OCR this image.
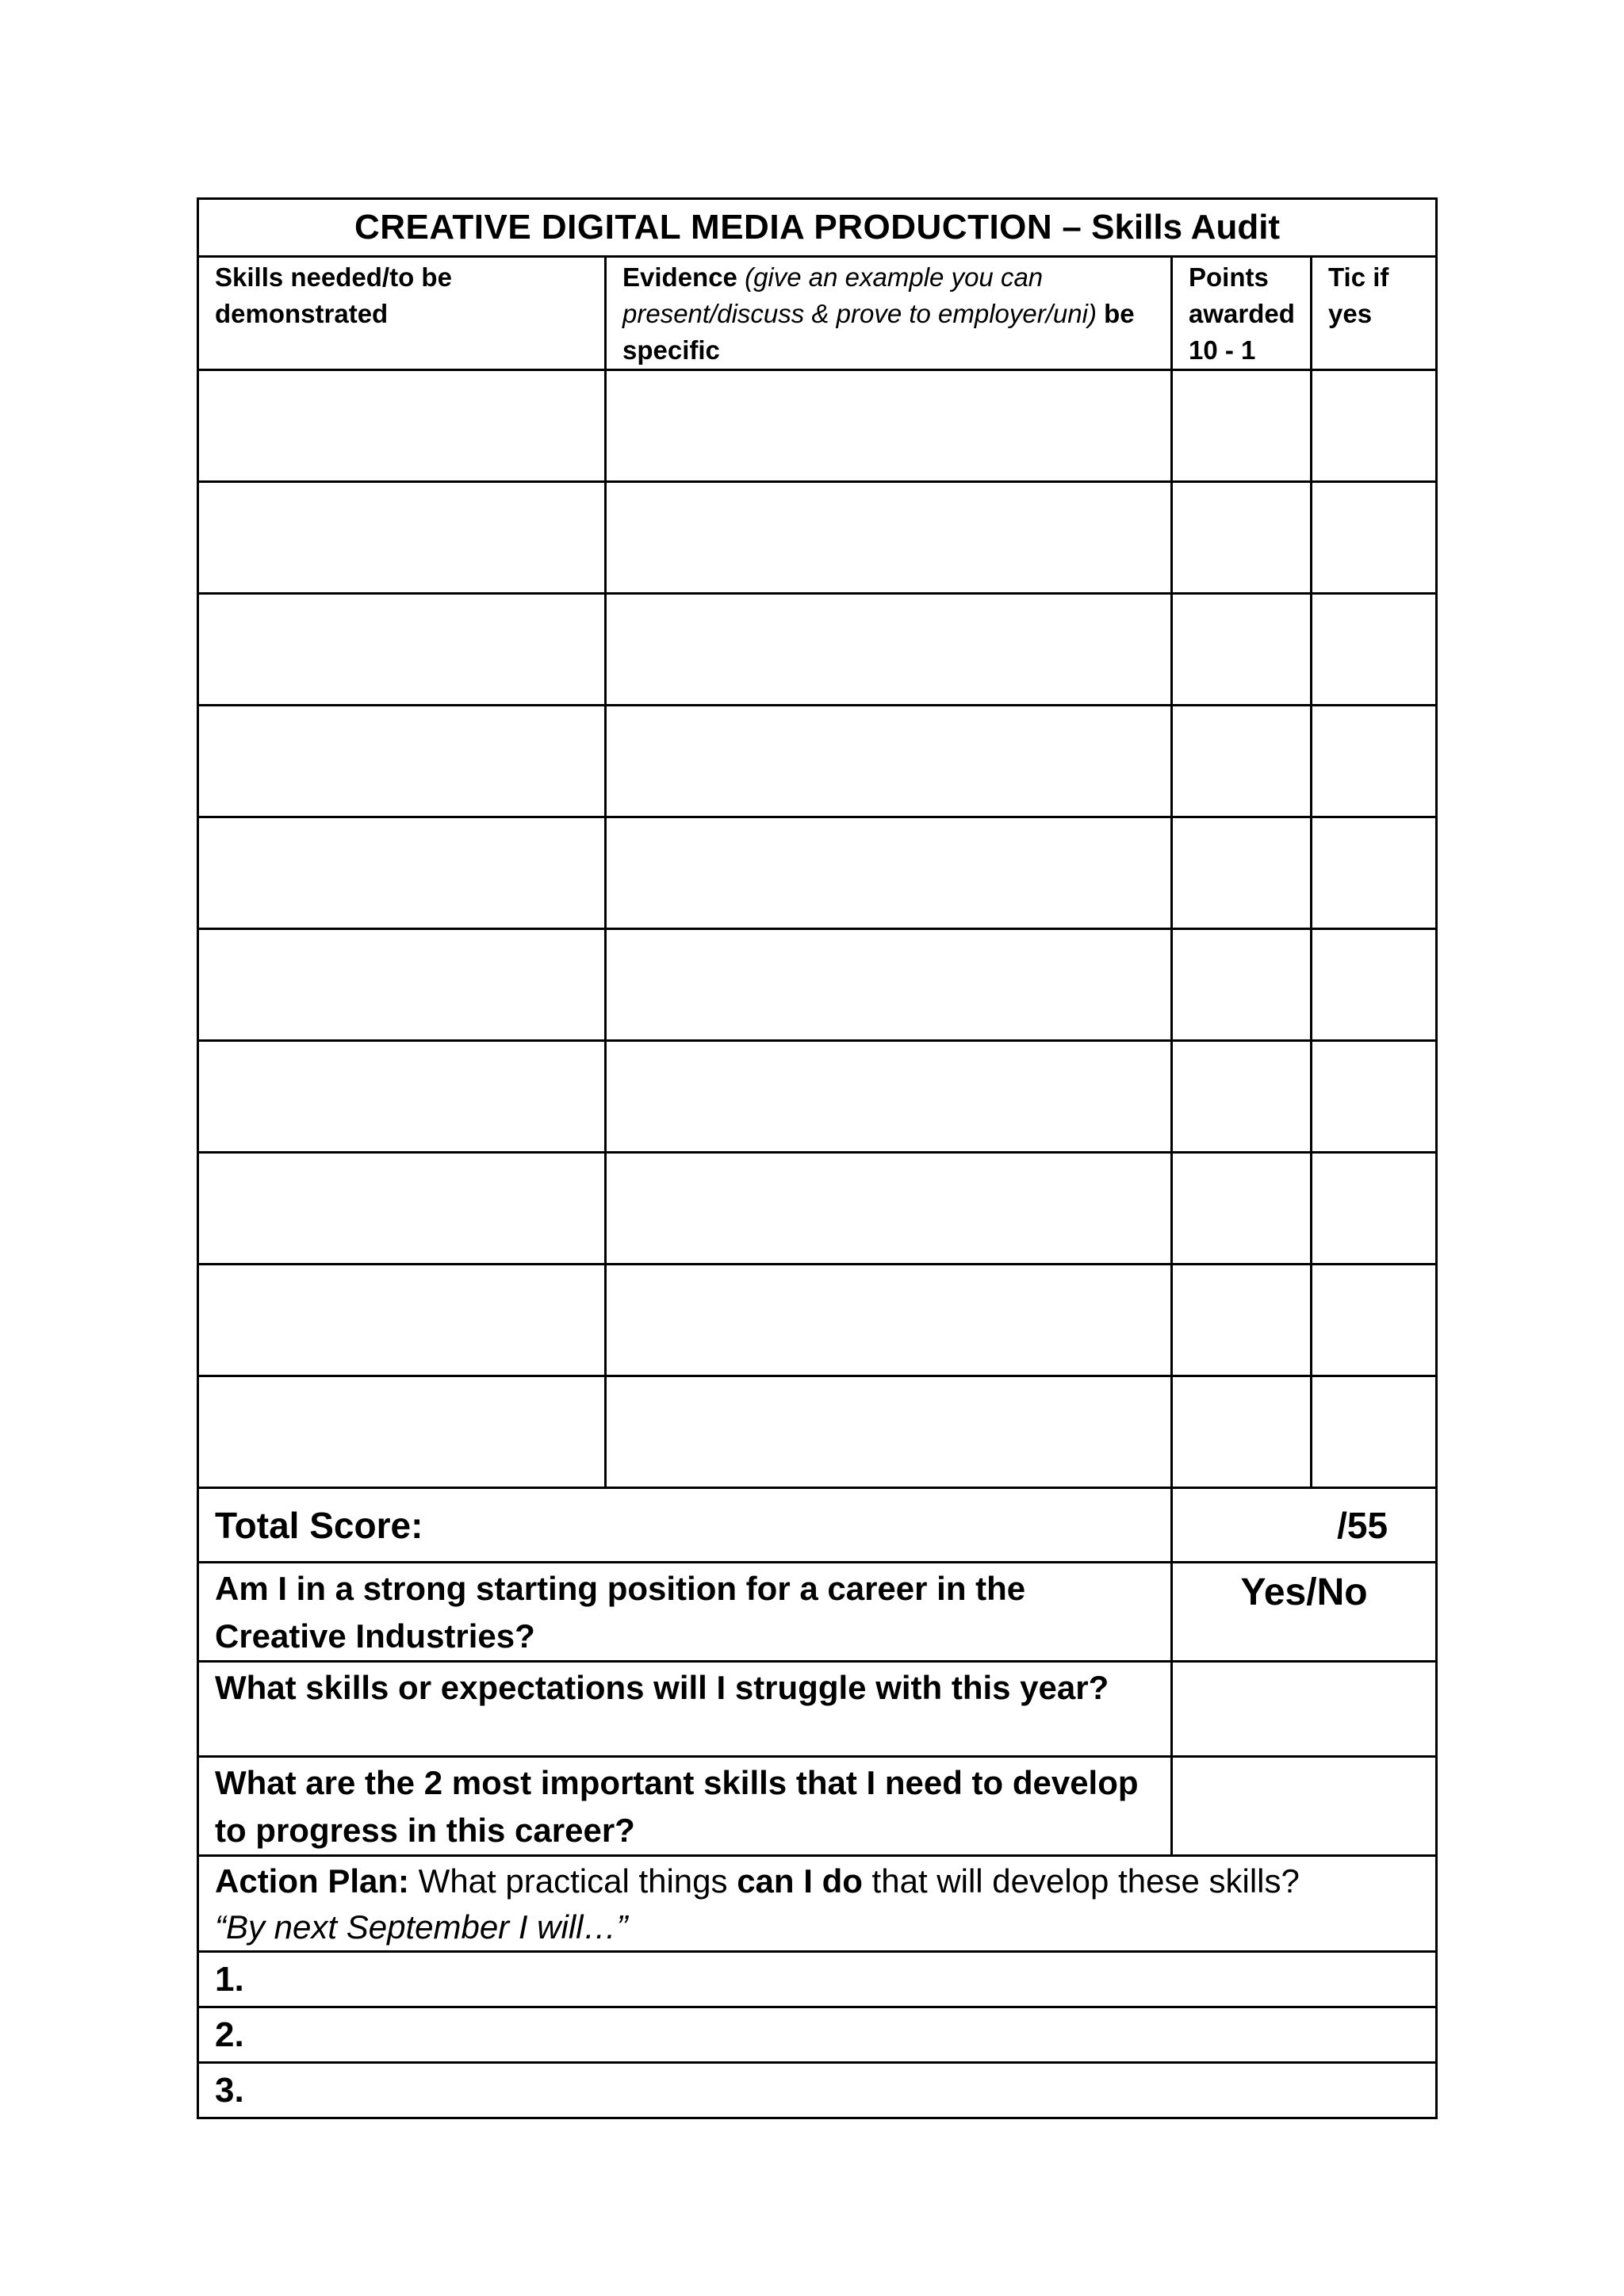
CREATIVE DIGITAL MEDIA PRODUCTION – Skills Audit			
Skills needed/to be demonstrated	Evidence (give an example you can present/discuss & prove to employer/uni) be specific	Points awarded 10 - 1	Tic if yes

Total Score:		/55	
Am I in a strong starting position for a career in the Creative Industries?		Yes/No	
What skills or expectations will I struggle with this year?			
What are the 2 most important skills that I need to develop to progress in this career?			
Action Plan: What practical things can I do that will develop these skills?
“By next September I will…”			
1.			
2.			
3.			
